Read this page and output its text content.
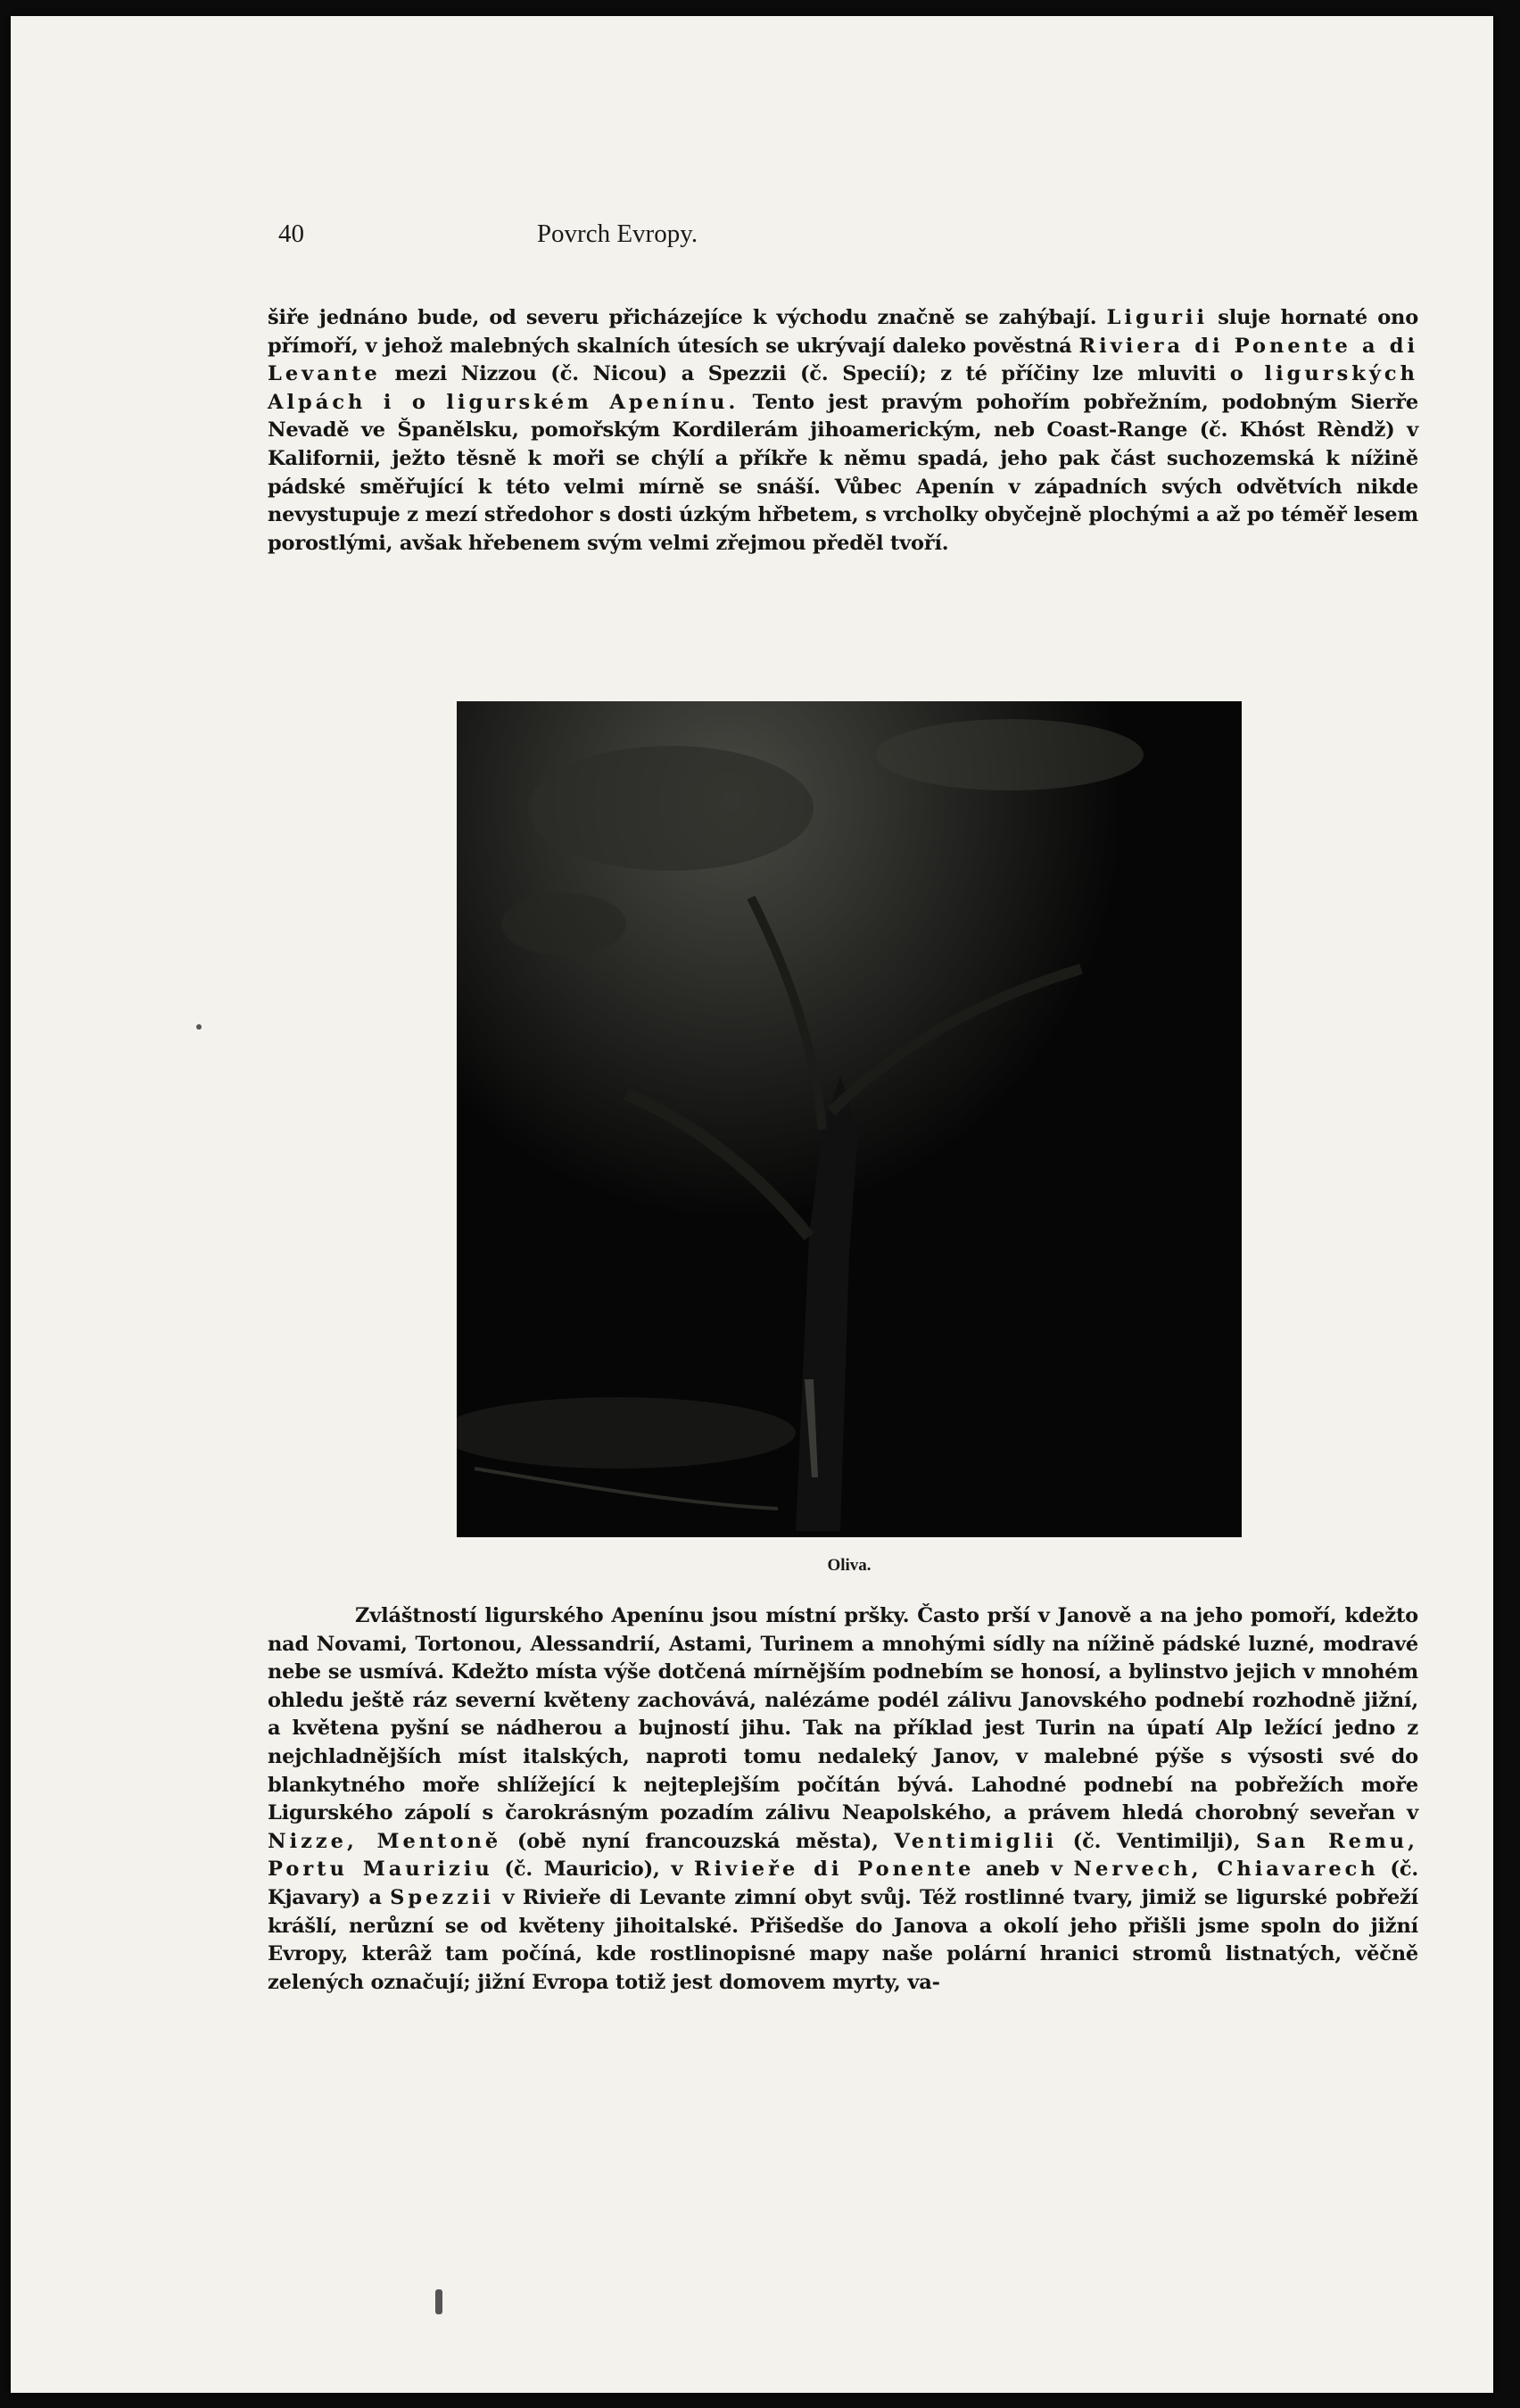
40	Povrch Evropy.

šiře jednáno bude, od severu přicházejíce k východu značně se zahýbají. Ligurii sluje hornaté ono přímoří, v jehož malebných skalních útesích se ukrývají daleko pověstná Riviera di Ponente a di Levante mezi Nizzou (č. Nicou) a Spezzii (č. Specií); z té příčiny lze mluviti o ligurských Alpách i o ligurském Apenínu. Tento jest pravým pohořím pobřežním, podobným Sierře Nevadě ve Španělsku, pomořským Kordilerám jihoamerickým, neb Coast-Range (č. Khóst Rèndž) v Kalifornii, ježto těsně k moři se chýlí a příkře k němu spadá, jeho pak část suchozemská k nížině pádské směřující k této velmi mírně se snáší. Vůbec Apenín v západních svých odvětvích nikde nevystupuje z mezí středohor s dosti úzkým hřbetem, s vrcholky obyčejně plochými a až po téměř lesem porostlými, avšak hřebenem svým velmi zřejmou předěl tvoří.

Oliva.

Zvláštností ligurského Apenínu jsou místní pršky. Často prší v Janově a na jeho pomoří, kdežto nad Novami, Tortonou, Alessandrií, Astami, Turinem a mnohými sídly na nížině pádské luzné, modravé nebe se usmívá. Kdežto místa výše dotčená mírnějším podnebím se honosí, a bylinstvo jejich v mnohém ohledu ještě ráz severní květeny zachovává, nalézáme podél zálivu Janovského podnebí rozhodně jižní, a květena pyšní se nádherou a bujností jihu. Tak na příklad jest Turin na úpatí Alp ležící jedno z nejchladnějších míst italských, naproti tomu nedaleký Janov, v malebné pýše s výsosti své do blankytného moře shlížející k nejteplejším počítán bývá. Lahodné podnebí na pobřežích moře Ligurského zápolí s čarokrásným pozadím zálivu Neapolského, a právem hledá chorobný seveřan v Nizze, Mentoně (obě nyní francouzská města), Ventimiglii (č. Ventimilji), San Remu, Portu Mauriziu (č. Mauricio), v Rivieře di Ponente aneb v Nervech, Chiavarech (č. Kjavary) a Spezzii v Rivieře di Levante zimní obyt svůj. Též rostlinné tvary, jimiž se ligurské pobřeží krášlí, nerůzní se od květeny jihoitalské. Přišedše do Janova a okolí jeho přišli jsme spoln do jižní Evropy, kterâž tam počíná, kde rostlinopisné mapy naše polární hranici stromů listnatých, věčně zelených označují; jižní Evropa totiž jest domovem myrty, va-
